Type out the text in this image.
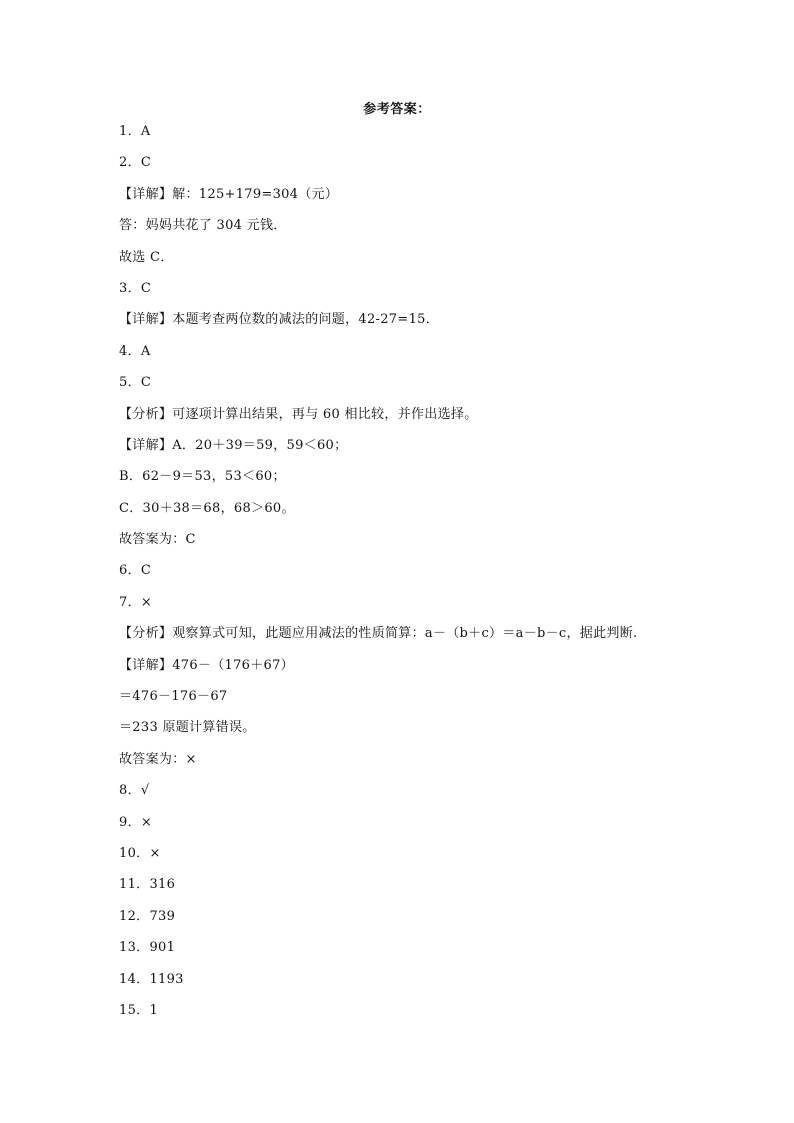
参考答案：
1．A
2．C
【详解】解：125+179=304（元）
答：妈妈共花了 304 元钱．
故选 C．
3．C
【详解】本题考查两位数的减法的问题，42-27=15．
4．A
5．C
【分析】可逐项计算出结果，再与 60 相比较，并作出选择。
【详解】A．20＋39＝59，59＜60；
B．62－9＝53，53＜60；
C．30＋38＝68，68＞60。
故答案为：C
6．C
7．×
【分析】观察算式可知，此题应用减法的性质简算：a－（b＋c）＝a－b－c，据此判断.
【详解】476－（176＋67）
＝476－176－67
＝233 原题计算错误。
故答案为：×
8．√
9．×
10．×
11．316
12．739
13．901
14．1193
15．1
